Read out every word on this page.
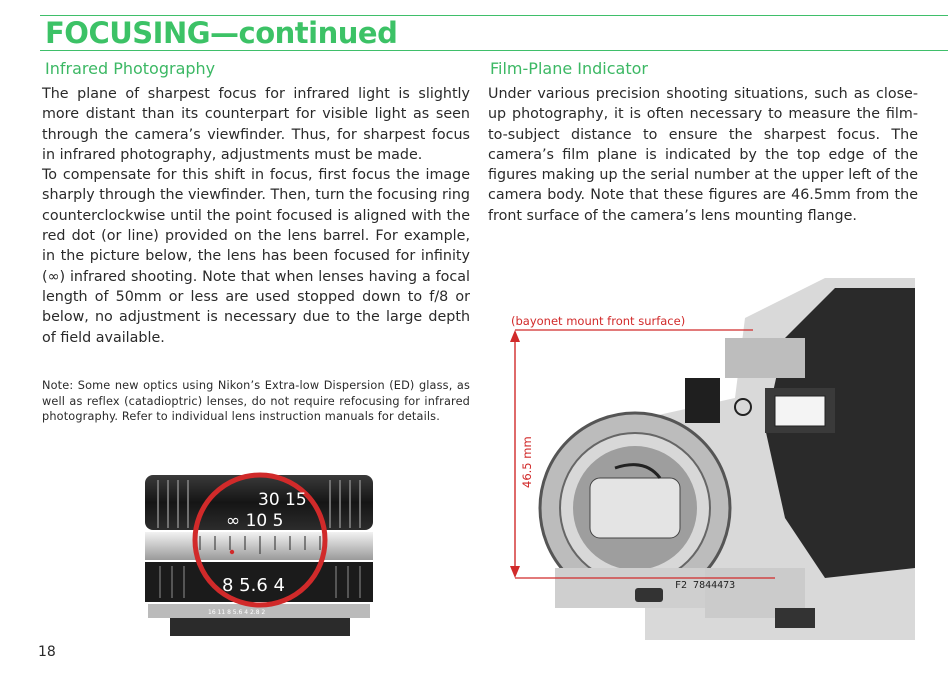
FOCUSING—continued
Infrared Photography

The plane of sharpest focus for infrared light is slightly more distant than its counterpart for visible light as seen through the camera’s viewfinder. Thus, for sharpest focus in infrared photography, adjustments must be made.

To compensate for this shift in focus, first focus the image sharply through the viewfinder. Then, turn the focusing ring counterclockwise until the point focused is aligned with the red dot (or line) provided on the lens barrel. For example, in the picture below, the lens has been focused for infinity (∞) infrared shooting. Note that when lenses having a focal length of 50mm or less are used stopped down to f/8 or below, no adjustment is necessary due to the large depth of field available.

Note: Some new optics using Nikon’s Extra-low Dispersion (ED) glass, as well as reflex (catadioptric) lenses, do not require refocusing for infrared photography. Refer to individual lens instruction manuals for details.
16 11 8 5.6 4 2.8 2
30 15
∞ 10 5
8 5.6 4
18
Film-Plane Indicator

Under various precision shooting situations, such as close-up photography, it is often necessary to measure the film-to-subject distance to ensure the sharpest focus. The camera’s film plane is indicated by the top edge of the figures making up the serial number at the upper left of the camera body. Note that these figures are 46.5mm from the front surface of the camera’s lens mounting flange.

(bayonet mount front surface)
46.5 mm
F2 7844473
